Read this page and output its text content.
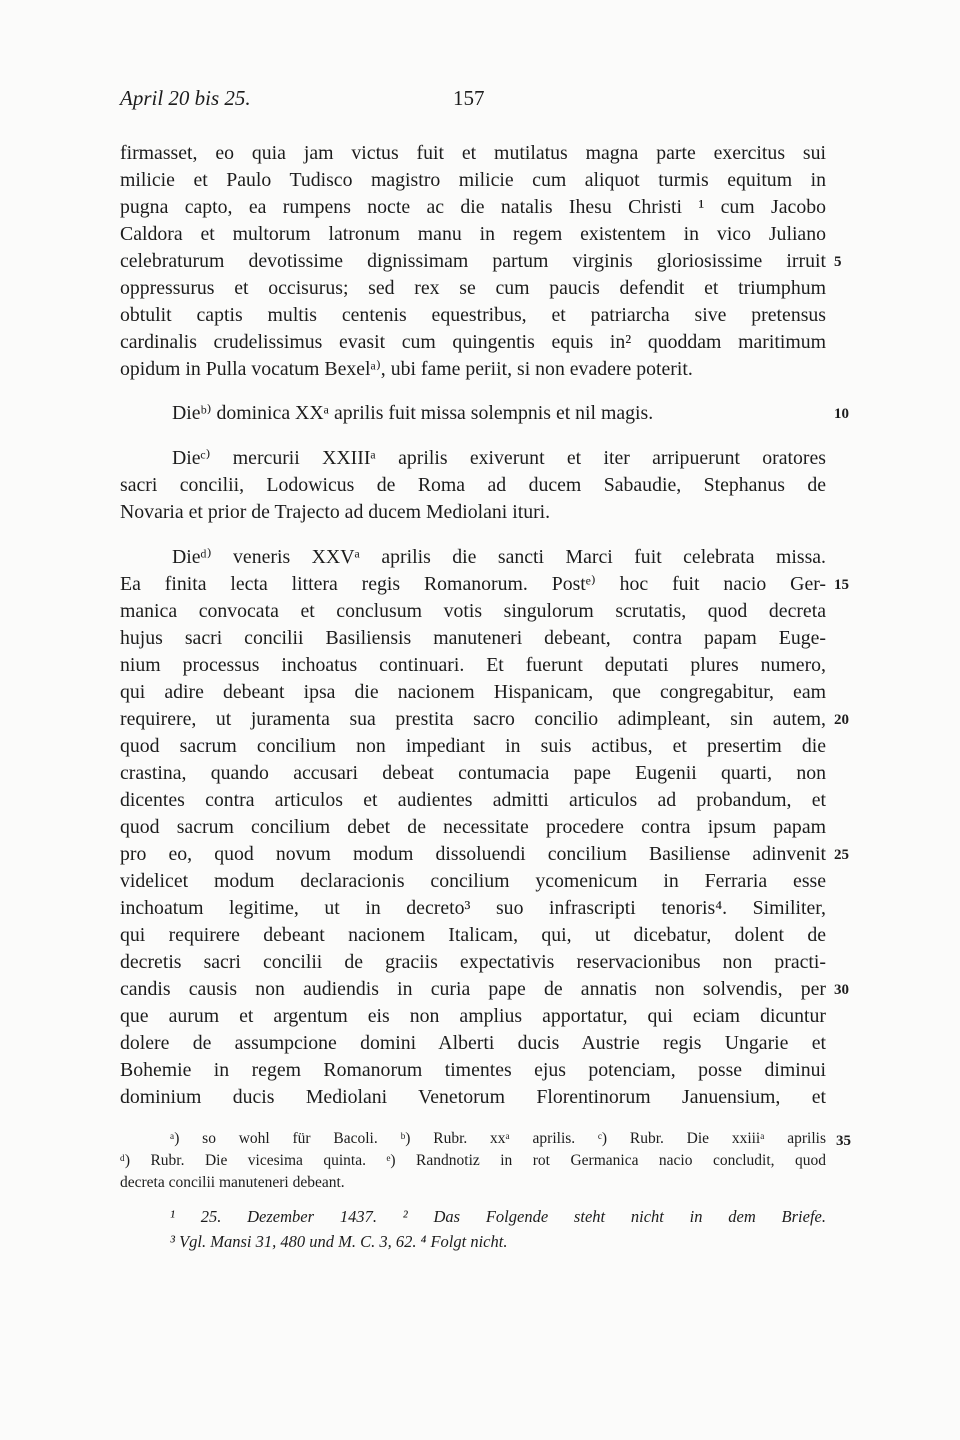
April 20 bis 25.	157
firmasset, eo quia jam victus fuit et mutilatus magna parte exercitus sui
milicie et Paulo Tudisco magistro milicie cum aliquot turmis equitum in
pugna capto, ea rumpens nocte ac die natalis Ihesu Christi ¹ cum Jacobo
Caldora et multorum latronum manu in regem existentem in vico Juliano
celebraturum devotissime dignissimam partum virginis gloriosissime irruit
oppressurus et occisurus; sed rex se cum paucis defendit et triumphum
obtulit captis multis centenis equestribus, et patriarcha sive pretensus
cardinalis crudelissimus evasit cum quingentis equis in² quoddam maritimum
opidum in Pulla vocatum Bexelᵃ⁾, ubi fame periit, si non evadere poterit.
Dieᵇ⁾ dominica XXᵃ aprilis fuit missa solempnis et nil magis.
Dieᶜ⁾ mercurii XXIIIᵃ aprilis exiverunt et iter arripuerunt oratores
sacri concilii, Lodowicus de Roma ad ducem Sabaudie, Stephanus de
Novaria et prior de Trajecto ad ducem Mediolani ituri.
Dieᵈ⁾ veneris XXVᵃ aprilis die sancti Marci fuit celebrata missa.
Ea finita lecta littera regis Romanorum. Postᵉ⁾ hoc fuit nacio Ger-
manica convocata et conclusum votis singulorum scrutatis, quod decreta
hujus sacri concilii Basiliensis manuteneri debeant, contra papam Euge-
nium processus inchoatus continuari. Et fuerunt deputati plures numero,
qui adire debeant ipsa die nacionem Hispanicam, que congregabitur, eam
requirere, ut juramenta sua prestita sacro concilio adimpleant, sin autem,
quod sacrum concilium non impediant in suis actibus, et presertim die
crastina, quando accusari debeat contumacia pape Eugenii quarti, non
dicentes contra articulos et audientes admitti articulos ad probandum, et
quod sacrum concilium debet de necessitate procedere contra ipsum papam
pro eo, quod novum modum dissoluendi concilium Basiliense adinvenit
videlicet modum declaracionis concilium ycomenicum in Ferraria esse
inchoatum legitime, ut in decreto³ suo infrascripti tenoris⁴. Similiter,
qui requirere debeant nacionem Italicam, qui, ut dicebatur, dolent de
decretis sacri concilii de graciis expectativis reservacionibus non practi-
candis causis non audiendis in curia pape de annatis non solvendis, per
que aurum et argentum eis non amplius apportatur, qui eciam dicuntur
dolere de assumpcione domini Alberti ducis Austrie regis Ungarie et
Bohemie in regem Romanorum timentes ejus potenciam, posse diminui
dominium ducis Mediolani Venetorum Florentinorum Januensium, et
5
10
15
20
25
30
ᵃ) so wohl für Bacoli. ᵇ) Rubr. xxᵃ aprilis. ᶜ) Rubr. Die xxiiiᵃ aprilis
ᵈ) Rubr. Die vicesima quinta. ᵉ) Randnotiz in rot Germanica nacio concludit, quod
decreta concilii manuteneri debeant.
35
¹ 25. Dezember 1437. ² Das Folgende steht nicht in dem Briefe.
³ Vgl. Mansi 31, 480 und M. C. 3, 62. ⁴ Folgt nicht.
